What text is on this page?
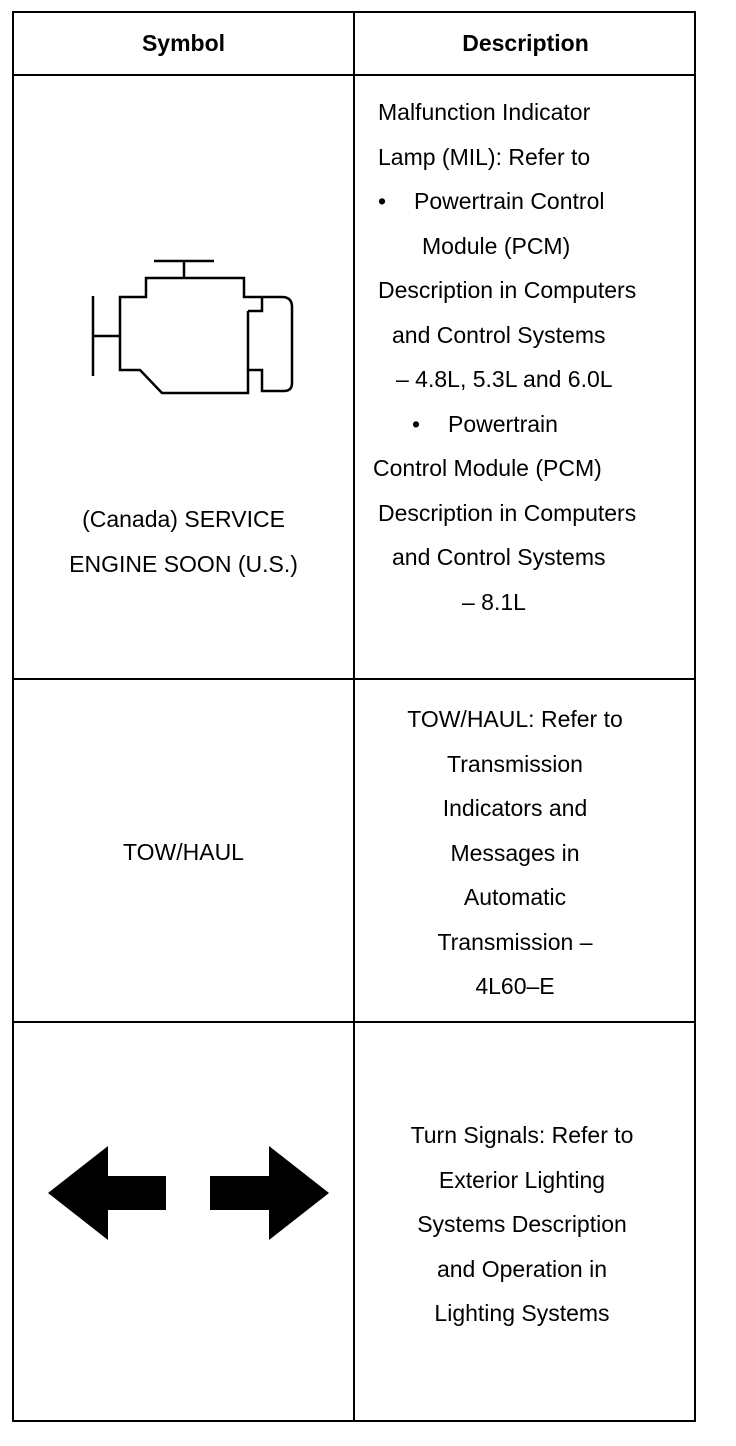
Symbol	Description
(Canada) SERVICE
ENGINE SOON (U.S.)
Malfunction Indicator
Lamp (MIL): Refer to
• Powertrain Control
Module (PCM)
Description in Computers
and Control Systems
– 4.8L, 5.3L and 6.0L
• Powertrain
Control Module (PCM)
Description in Computers
and Control Systems
– 8.1L
TOW/HAUL
TOW/HAUL: Refer to
Transmission
Indicators and
Messages in
Automatic
Transmission –
4L60–E
Turn Signals: Refer to
Exterior Lighting
Systems Description
and Operation in
Lighting Systems
